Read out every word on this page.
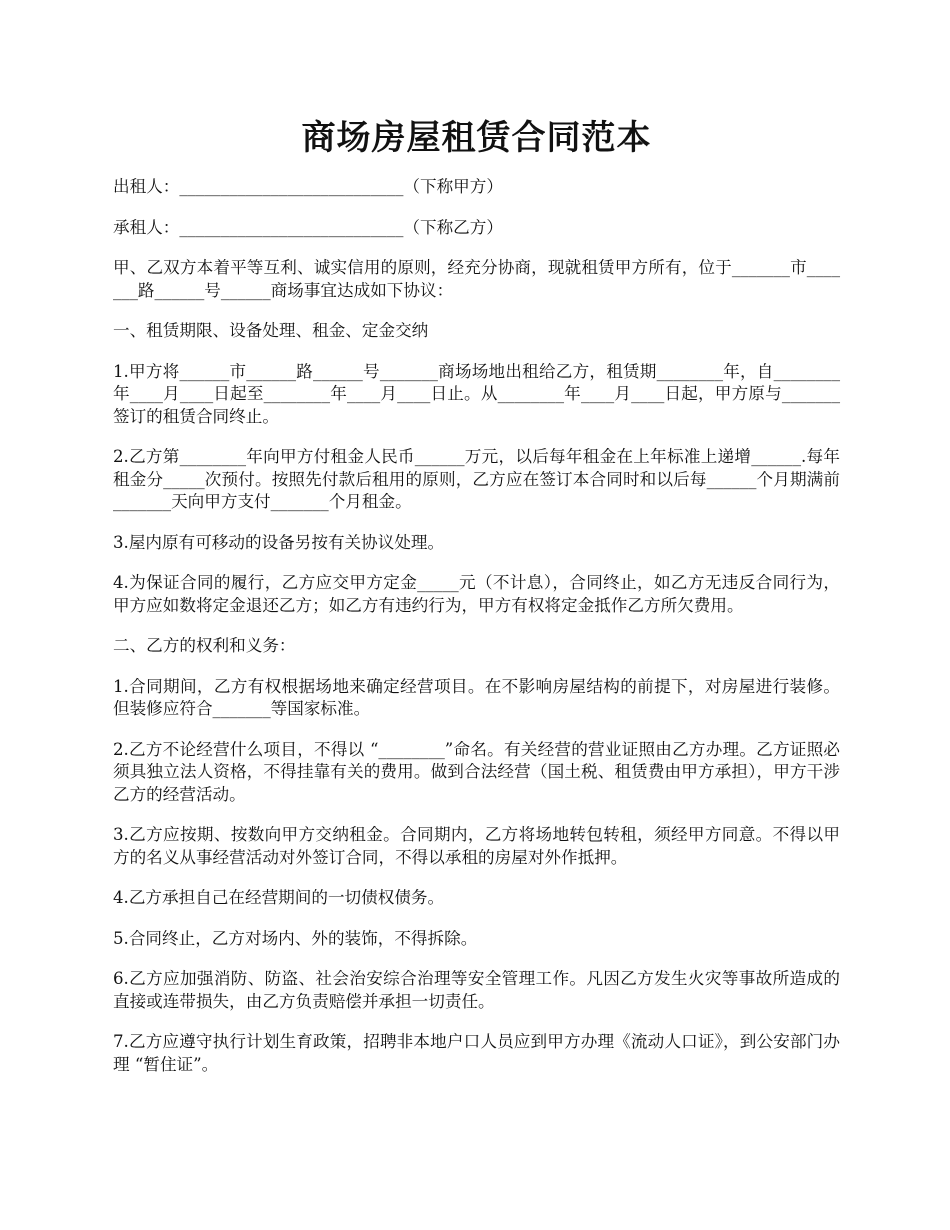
商场房屋租赁合同范本

出租人：___________________________（下称甲方）

承租人：___________________________（下称乙方）

甲、乙双方本着平等互利、诚实信用的原则，经充分协商，现就租赁甲方所有，位于_______市_______路______号______商场事宜达成如下协议：

一、租赁期限、设备处理、租金、定金交纳

1.甲方将______市______路______号_______商场场地出租给乙方，租赁期________年，自________年____月____日起至________年____月____日止。从________年____月____日起，甲方原与_______签订的租赁合同终止。

2.乙方第________年向甲方付租金人民币______万元，以后每年租金在上年标准上递增______.每年租金分_____次预付。按照先付款后租用的原则，乙方应在签订本合同时和以后每______个月期满前_______天向甲方支付_______个月租金。

3.屋内原有可移动的设备另按有关协议处理。

4.为保证合同的履行，乙方应交甲方定金_____元（不计息），合同终止，如乙方无违反合同行为，甲方应如数将定金退还乙方；如乙方有违约行为，甲方有权将定金抵作乙方所欠费用。

二、乙方的权利和义务：

1.合同期间，乙方有权根据场地来确定经营项目。在不影响房屋结构的前提下，对房屋进行装修。但装修应符合_______等国家标准。

2.乙方不论经营什么项目，不得以 “________”命名。有关经营的营业证照由乙方办理。乙方证照必须具独立法人资格，不得挂靠有关的费用。做到合法经营（国土税、租赁费由甲方承担），甲方干涉乙方的经营活动。

3.乙方应按期、按数向甲方交纳租金。合同期内，乙方将场地转包转租，须经甲方同意。不得以甲方的名义从事经营活动对外签订合同，不得以承租的房屋对外作抵押。

4.乙方承担自己在经营期间的一切债权债务。

5.合同终止，乙方对场内、外的装饰，不得拆除。

6.乙方应加强消防、防盗、社会治安综合治理等安全管理工作。凡因乙方发生火灾等事故所造成的直接或连带损失，由乙方负责赔偿并承担一切责任。

7.乙方应遵守执行计划生育政策，招聘非本地户口人员应到甲方办理《流动人口证》，到公安部门办理 “暂住证”。
